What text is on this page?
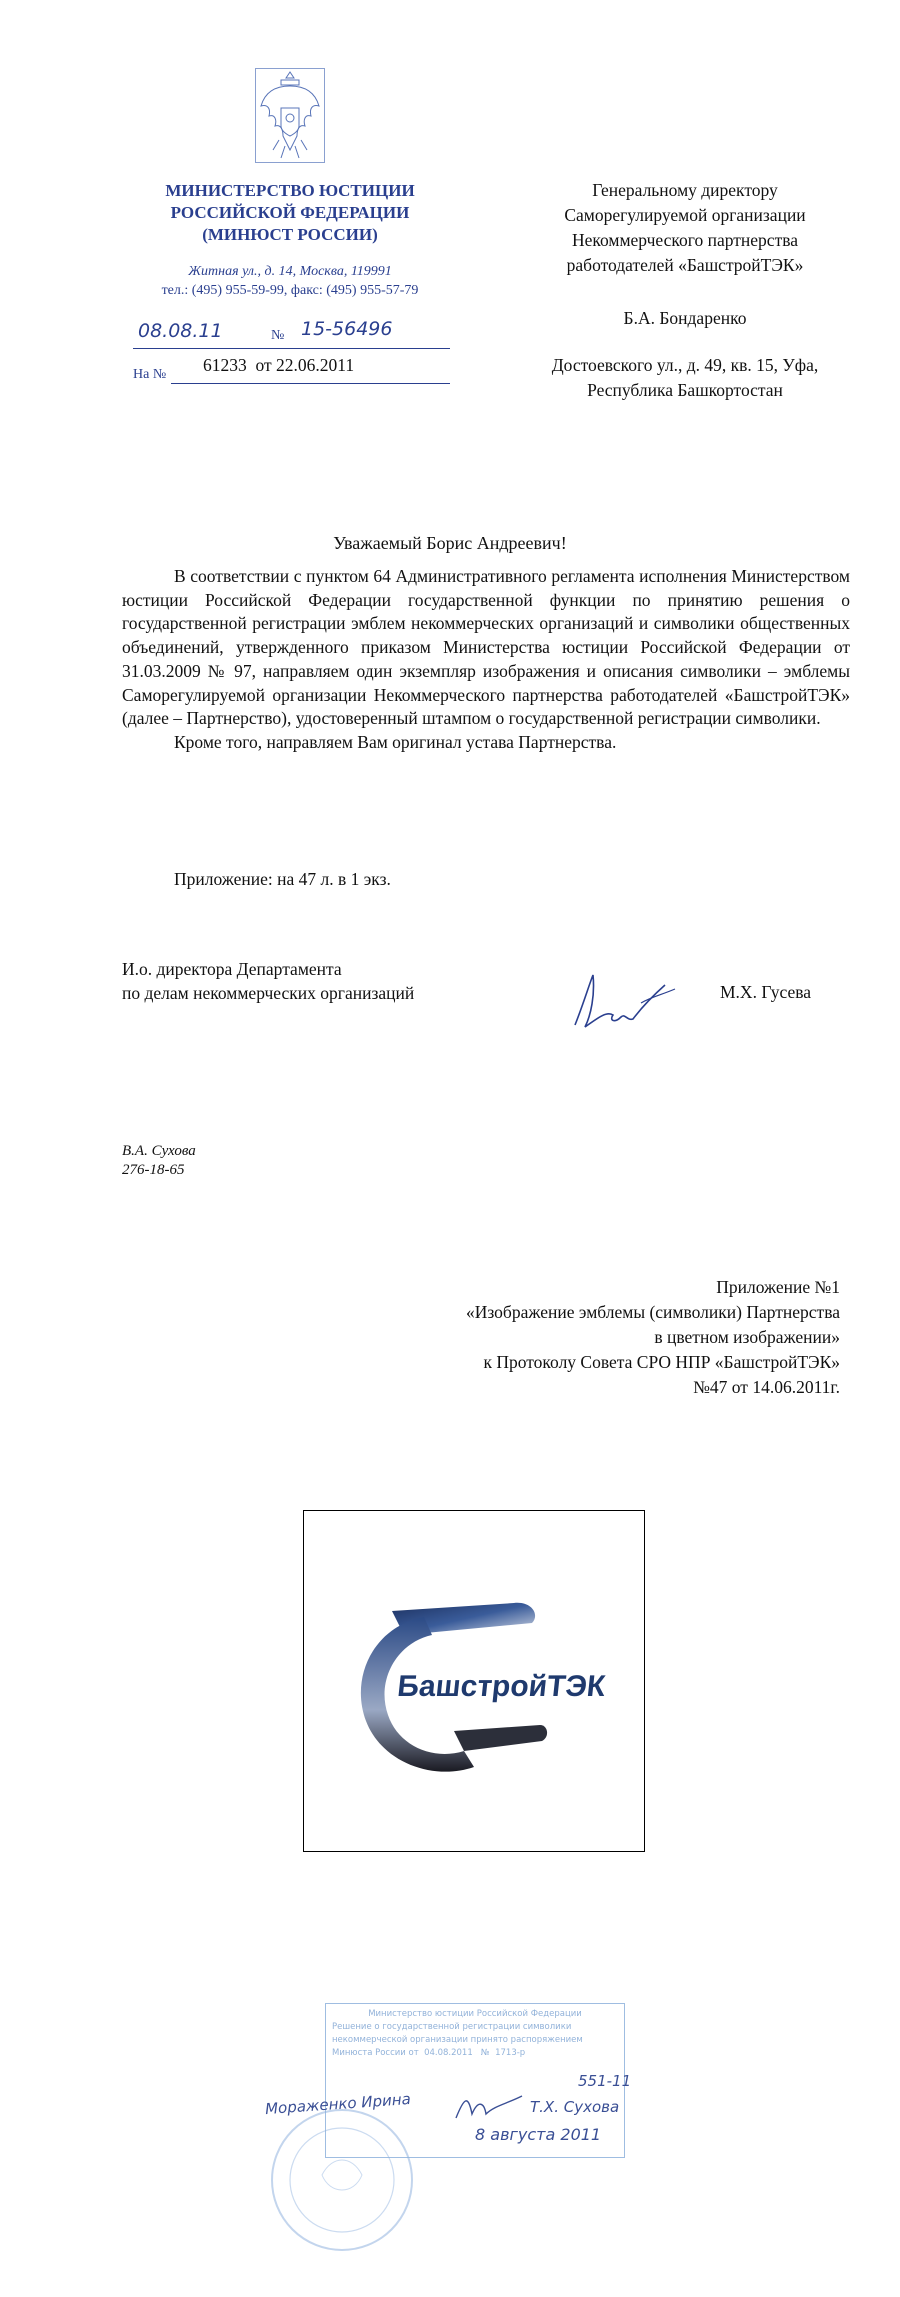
МИНИСТЕРСТВО ЮСТИЦИИ
РОССИЙСКОЙ ФЕДЕРАЦИИ
(МИНЮСТ РОССИИ)
Житная ул., д. 14, Москва, 119991
тел.: (495) 955-59-99, факс: (495) 955-57-79
08.08.11	№ 15-56496
На № 61233  от 22.06.2011
Генеральному директору
Саморегулируемой организации
Некоммерческого партнерства
работодателей «БашстройТЭК»
Б.А. Бондаренко
Достоевского ул., д. 49, кв. 15, Уфа,
Республика Башкортостан
Уважаемый Борис Андреевич!

В соответствии с пунктом 64 Административного регламента исполнения Министерством юстиции Российской Федерации государственной функции по принятию решения о государственной регистрации эмблем некоммерческих организаций и символики общественных объединений, утвержденного приказом Министерства юстиции Российской Федерации от 31.03.2009 № 97, направляем один экземпляр изображения и описания символики – эмблемы Саморегулируемой организации Некоммерческого партнерства работодателей «БашстройТЭК» (далее – Партнерство), удостоверенный штампом о государственной регистрации символики.

Кроме того, направляем Вам оригинал устава Партнерства.

Приложение: на 47 л. в 1 экз.
И.о. директора Департамента
по делам некоммерческих организаций	М.Х. Гусева
В.А. Сухова
276-18-65
Приложение №1
«Изображение эмблемы (символики) Партнерства
в цветном изображении»
к Протоколу Совета СРО НПР «БашстройТЭК»
№47 от 14.06.2011г.
БашстройТЭК
Министерство юстиции Российской Федерации
Решение о государственной регистрации символики
некоммерческой организации принято распоряжением
Минюста России от  04.08.2011   №  1713-р
551-11
Мораженко Ирина	Т.Х. Сухова
8 августа 2011
